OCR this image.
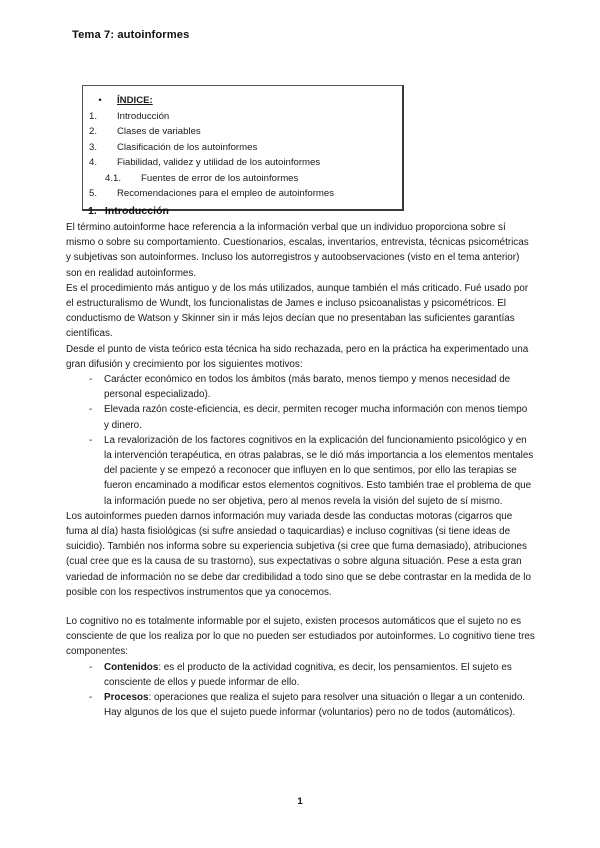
Tema 7: autoinformes
•	ÍNDICE:
1.	Introducción
2.	Clases de variables
3.	Clasificación de los autoinformes
4.	Fiabilidad, validez y utilidad de los autoinformes
4.1.	Fuentes de error de los autoinformes
5.	Recomendaciones para el empleo de autoinformes
1. Introducción

El término autoinforme hace referencia a la información verbal que un individuo proporciona sobre sí mismo o sobre su comportamiento. Cuestionarios, escalas, inventarios, entrevista, técnicas psicométricas y subjetivas son autoinformes. Incluso los autorregistros y autoobservaciones (visto en el tema anterior) son en realidad autoinformes.

Es el procedimiento más antiguo y de los más utilizados, aunque también el más criticado. Fué usado por el estructuralismo de Wundt, los funcionalistas de James e incluso psicoanalistas y psicométricos. El conductismo de Watson y Skinner sin ir más lejos decían que no presentaban las suficientes garantías científicas.

Desde el punto de vista teórico esta técnica ha sido rechazada, pero en la práctica ha experimentado una gran difusión y crecimiento por los siguientes motivos:

-	Carácter económico en todos los ámbitos (más barato, menos tiempo y menos necesidad de personal especializado).
-	Elevada razón coste-eficiencia, es decir, permiten recoger mucha información con menos tiempo y dinero.
-	La revalorización de los factores cognitivos en la explicación del funcionamiento psicológico y en la intervención terapéutica, en otras palabras, se le dió más importancia a los elementos mentales del paciente y se empezó a reconocer que influyen en lo que sentimos, por ello las terapias se fueron encaminado a modificar estos elementos cognitivos. Esto también trae el problema de que la información puede no ser objetiva, pero al menos revela la visión del sujeto de sí mismo.

Los autoinformes pueden darnos información muy variada desde las conductas motoras (cigarros que fuma al día) hasta fisiológicas (si sufre ansiedad o taquicardias) e incluso cognitivas (si tiene ideas de suicidio). También nos informa sobre su experiencia subjetiva (si cree que fuma demasiado), atribuciones (cual cree que es la causa de su trastorno), sus expectativas o sobre alguna situación. Pese a esta gran variedad de información no se debe dar credibilidad a todo sino que se debe contrastar en la medida de lo posible con los respectivos instrumentos que ya conocemos.

Lo cognitivo no es totalmente informable por el sujeto, existen procesos automáticos que el sujeto no es consciente de que los realiza por lo que no pueden ser estudiados por autoinformes. Lo cognitivo tiene tres componentes:

-	Contenidos: es el producto de la actividad cognitiva, es decir, los pensamientos. El sujeto es consciente de ellos y puede informar de ello.
-	Procesos: operaciones que realiza el sujeto para resolver una situación o llegar a un contenido. Hay algunos de los que el sujeto puede informar (voluntarios) pero no de todos (automáticos).
1
